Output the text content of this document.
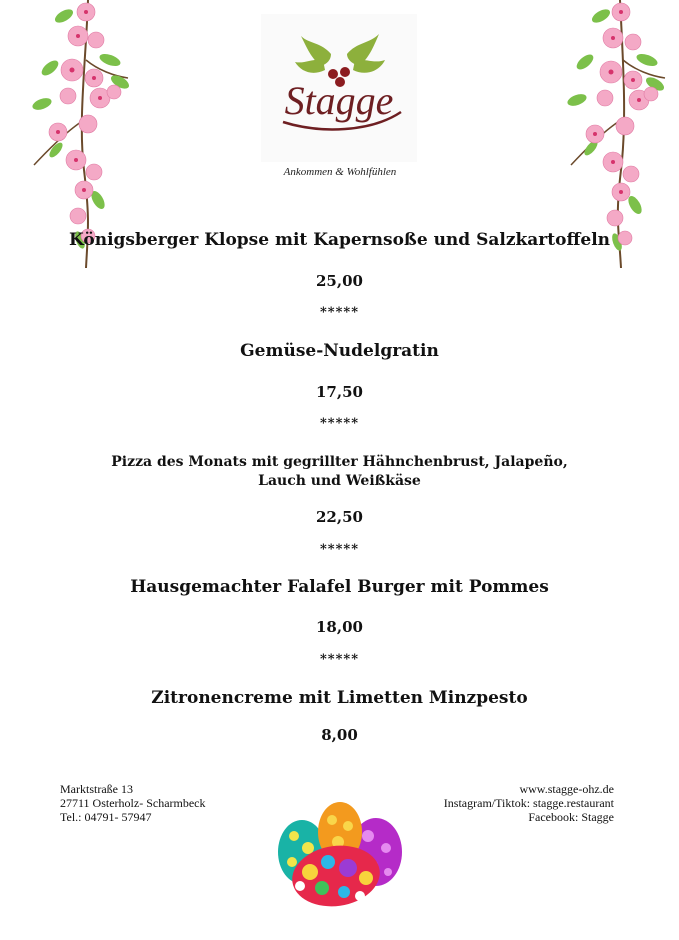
Stagge
Ankommen & Wohlfühlen
Königsberger Klopse mit Kapernsoße und Salzkartoffeln
25,00
*****
Gemüse-Nudelgratin
17,50
*****
Pizza des Monats mit gegrillter Hähnchenbrust, Jalapeño,
Lauch und Weißkäse
22,50
*****
Hausgemachter Falafel Burger mit Pommes
18,00
*****
Zitronencreme mit Limetten Minzpesto
8,00
Marktstraße 13
27711 Osterholz- Scharmbeck
Tel.: 04791- 57947
www.stagge-ohz.de
Instagram/Tiktok: stagge.restaurant
Facebook: Stagge
